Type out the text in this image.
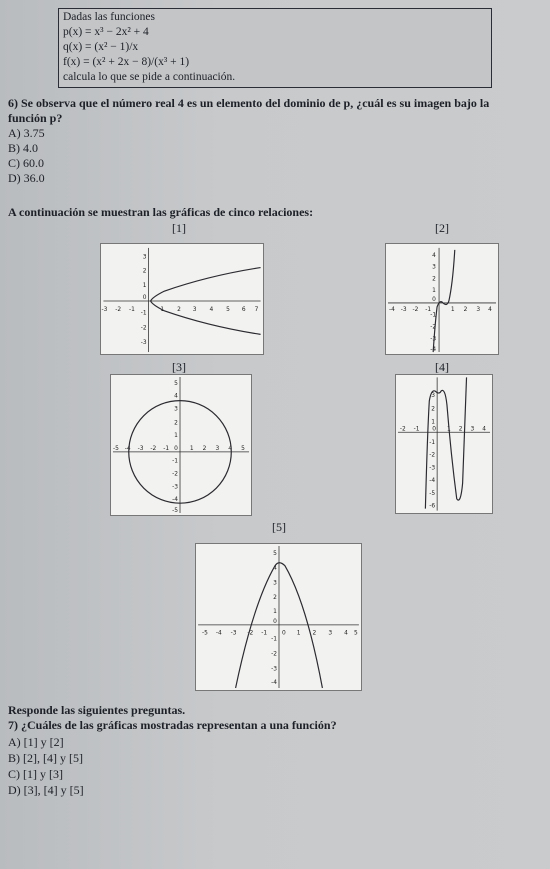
Dadas las funciones
p(x) = x³ − 2x² + 4
q(x) = (x² − 1)/x
f(x) = (x² + 2x − 8)/(x³ + 1)
calcula lo que se pide a continuación.
6) Se observa que el número real 4 es un elemento del dominio de p, ¿cuál es su imagen bajo la
función p?
A) 3.75
B) 4.0
C) 60.0
D) 36.0
A continuación se muestran las gráficas de cinco relaciones:
[1]	[2]
[3]	[4]
[5]
-3 -2 -1	1 2 3 4 5 6 7
3
2
1
0
-1
-2
-3
-4 -3 -2 -1	1 2 3 4
4
3
2
1
0
-1
-2
-3
-4
-5 -4 -3 -2 -1 0 1 2 3 4 5
5
4
3
2
1
-1
-2
-3
-4
-5
-2 -1 0 1 2 3 4
3
2
1
-1
-2
-3
-4
-5
-6
-5 -4 -3 -2 -1 0 1 2 3 4 5
5
4
3
2
1
0
-1
-2
-3
-4
Responde las siguientes preguntas.
7) ¿Cuáles de las gráficas mostradas representan a una función?
A) [1] y [2]
B) [2], [4] y [5]
C) [1] y [3]
D) [3], [4] y [5]
